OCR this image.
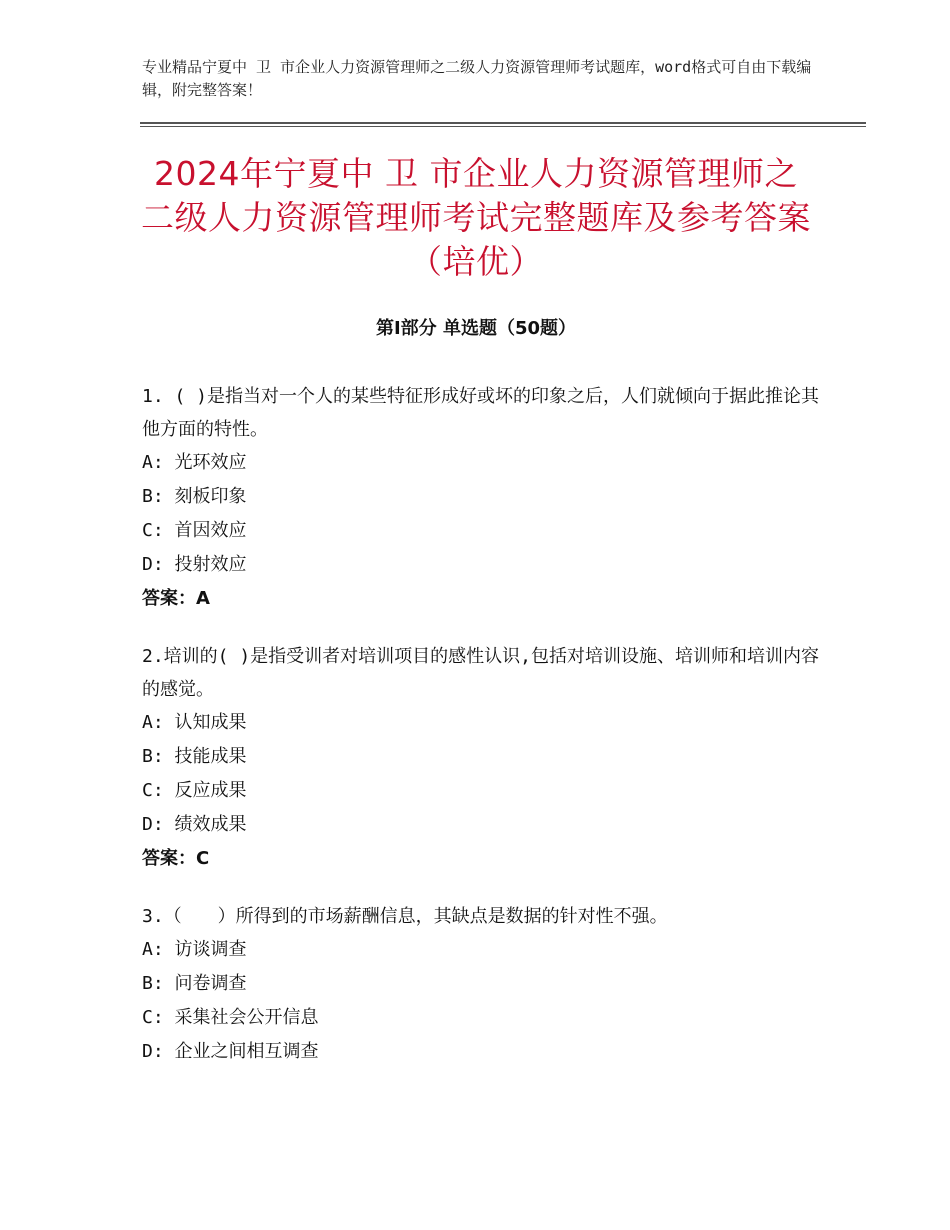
专业精品宁夏中 卫 市企业人力资源管理师之二级人力资源管理师考试题库，word格式可自由下载编辑，附完整答案！
2024年宁夏中 卫 市企业人力资源管理师之二级人力资源管理师考试完整题库及参考答案（培优）
第Ⅰ部分 单选题（50题）

1. ( )是指当对一个人的某些特征形成好或坏的印象之后，人们就倾向于据此推论其他方面的特性。

A: 光环效应

B: 刻板印象

C: 首因效应

D: 投射效应

答案：A

2.培训的( )是指受训者对培训项目的感性认识,包括对培训设施、培训师和培训内容的感觉。

A: 认知成果

B: 技能成果

C: 反应成果

D: 绩效成果

答案：C

3.（　　）所得到的市场薪酬信息，其缺点是数据的针对性不强。

A: 访谈调查

B: 问卷调查

C: 采集社会公开信息

D: 企业之间相互调查
